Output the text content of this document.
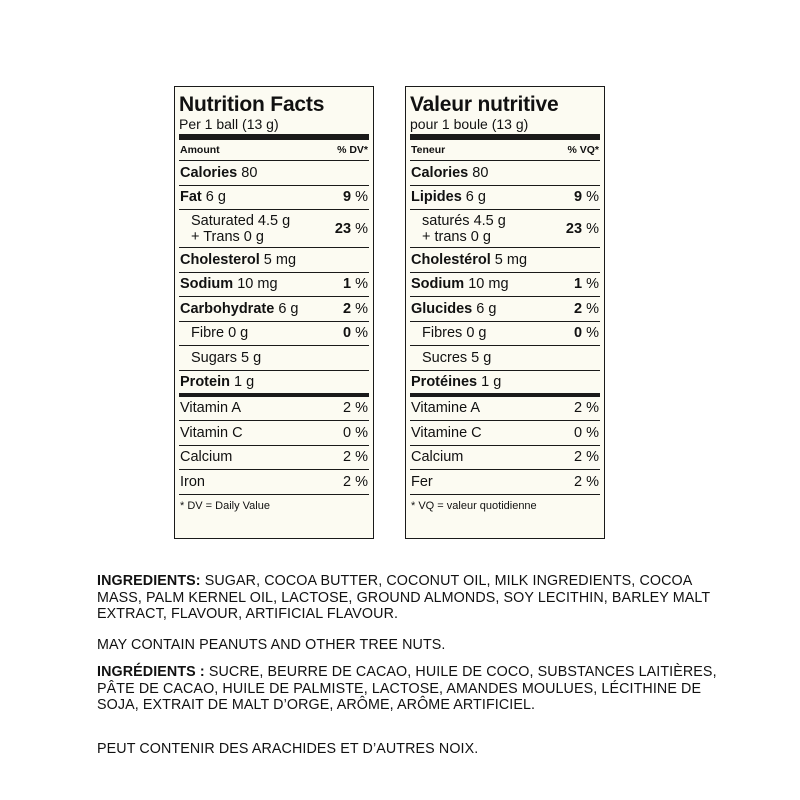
Nutrition Facts
Per 1 ball (13 g)
Amount	% DV*
Calories 80
Fat 6 g	9 %
Saturated 4.5 g
+ Trans 0 g	23 %
Cholesterol 5 mg
Sodium 10 mg	1 %
Carbohydrate 6 g	2 %
Fibre 0 g	0 %
Sugars 5 g
Protein 1 g
Vitamin A	2 %
Vitamin C	0 %
Calcium	2 %
Iron	2 %
* DV = Daily Value
Valeur nutritive
pour 1 boule (13 g)
Teneur	% VQ*
Calories 80
Lipides 6 g	9 %
saturés 4.5 g
+ trans 0 g	23 %
Cholestérol 5 mg
Sodium 10 mg	1 %
Glucides 6 g	2 %
Fibres 0 g	0 %
Sucres 5 g
Protéines 1 g
Vitamine A	2 %
Vitamine C	0 %
Calcium	2 %
Fer	2 %
* VQ = valeur quotidienne
INGREDIENTS: SUGAR, COCOA BUTTER, COCONUT OIL, MILK INGREDIENTS, COCOA MASS, PALM KERNEL OIL, LACTOSE, GROUND ALMONDS, SOY LECITHIN, BARLEY MALT EXTRACT, FLAVOUR, ARTIFICIAL FLAVOUR.
MAY CONTAIN PEANUTS AND OTHER TREE NUTS.
INGRÉDIENTS : SUCRE, BEURRE DE CACAO, HUILE DE COCO, SUBSTANCES LAITIÈRES, PÂTE DE CACAO, HUILE DE PALMISTE, LACTOSE, AMANDES MOULUES, LÉCITHINE DE SOJA, EXTRAIT DE MALT D’ORGE, ARÔME, ARÔME ARTIFICIEL.
PEUT CONTENIR DES ARACHIDES ET D’AUTRES NOIX.
